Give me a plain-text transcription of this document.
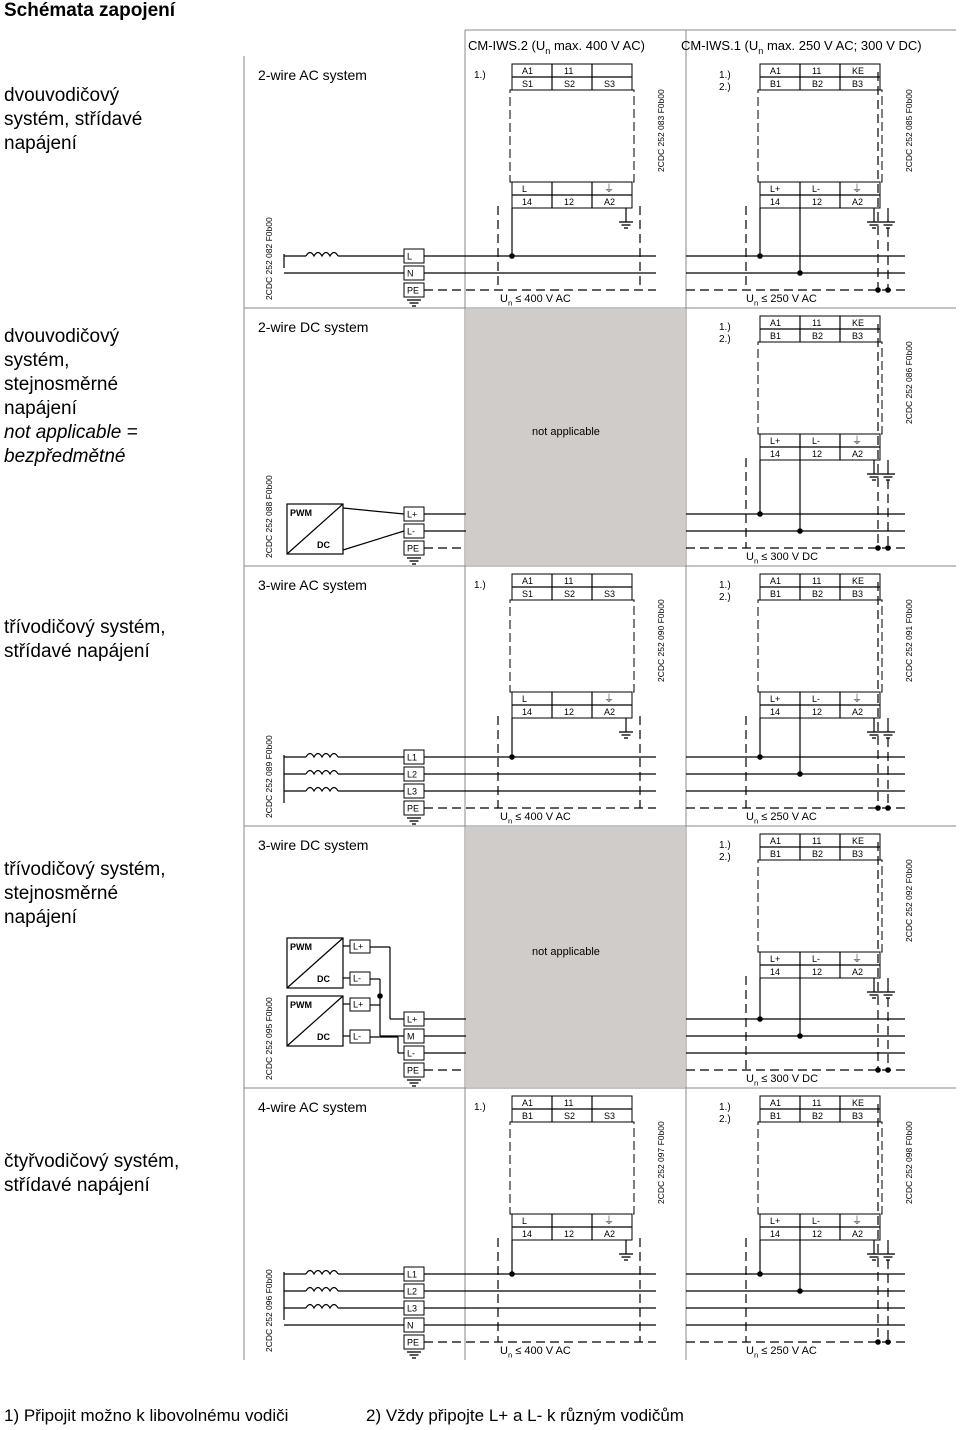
Schémata zapojení
dvouvodičový
systém, střídavé
napájení
dvouvodičový
systém,
stejnosměrné
napájení
not applicable =
bezpředmětné
třívodičový systém,
střídavé napájení
třívodičový systém,
stejnosměrné
napájení
čtyřvodičový systém,
střídavé napájení
CM-IWS.2 ($U_n$ max. 400 V AC)	CM-IWS.1 ($U_n$ max. 250 V AC; 300 V DC)
2-wire AC system
2CDC 252 082 F0b00	L
N
PE
1.)	A1	11
S1	S2	S3
L	⏚
14	12	A2
2CDC 252 083 F0b00
$U_n \le 400$ V AC
1.)
2.)
A1	11	KE
B1	B2	B3
L+	L-	⏚
14	12	A2
2CDC 252 085 F0b00
$U_n \le 250$ V AC
2-wire DC system
2CDC 252 088 F0b00	L+
L-
PE
PWM
DC
not applicable
1.)
2.)
A1	11	KE
B1	B2	B3
L+	L-	⏚
14	12	A2
2CDC 252 086 F0b00
$U_n \le 300$ V DC
3-wire AC system
2CDC 252 089 F0b00	L1
L2
L3
PE
1.)	A1	11
S1	S2	S3
L	⏚
14	12	A2
2CDC 252 090 F0b00
$U_n \le 400$ V AC
1.)
2.)
A1	11	KE
B1	B2	B3
L+	L-	⏚
14	12	A2
2CDC 252 091 F0b00
$U_n \le 250$ V AC
3-wire DC system
2CDC 252 095 F0b00	L+
M
L-
PE
PWM
DC
L+
L-
PWM
DC
L+
L-
not applicable
1.)
2.)
A1	11	KE
B1	B2	B3
L+	L-	⏚
14	12	A2
2CDC 252 092 F0b00
$U_n \le 300$ V DC
4-wire AC system
2CDC 252 096 F0b00	L1
L2
L3
N
PE
1.)	A1	11
B1	S2	S3
L	⏚
14	12	A2
2CDC 252 097 F0b00
$U_n \le 400$ V AC
1.)
2.)
A1	11	KE
B1	B2	B3
L+	L-	⏚
14	12	A2
2CDC 252 098 F0b00
$U_n \le 250$ V AC
1) Připojit možno k libovolnému vodiči	2) Vždy připojte L+ a L- k různým vodičům
